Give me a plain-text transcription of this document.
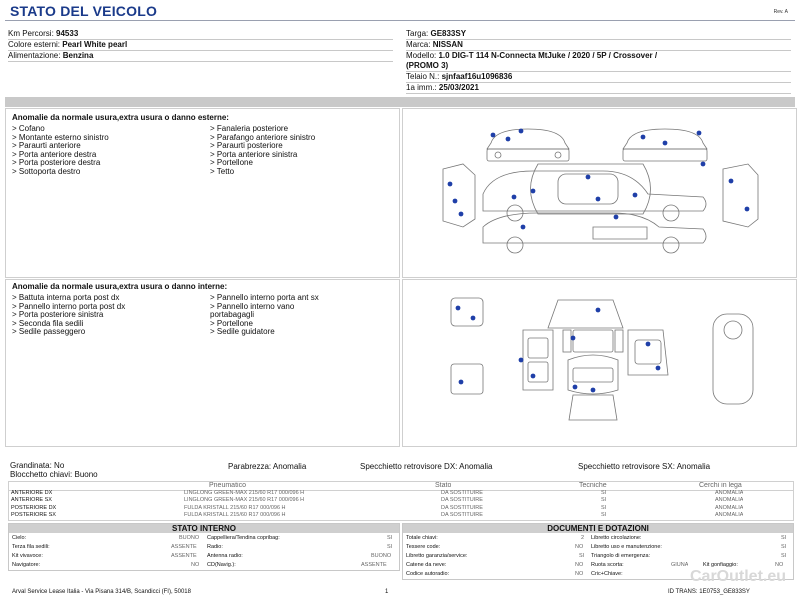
STATO DEL VEICOLO	Rev. A
Km Percorsi: 94533
Colore esterni: Pearl White pearl
Alimentazione: Benzina
Targa: GE833SY
Marca: NISSAN
Modello: 1.0 DIG-T 114 N-Connecta MtJuke / 2020 / 5P / Crossover /
(PROMO 3)
Telaio N.: sjnfaaf16u1096836
1a imm.: 25/03/2021
Anomalie da normale usura,extra usura o danno esterne:
> Cofano
> Montante esterno sinistro
> Paraurti anteriore
> Porta anteriore destra
> Porta posteriore destra
> Sottoporta destro
> Fanaleria posteriore
> Parafango anteriore sinistro
> Paraurti posteriore
> Porta anteriore sinistra
> Portellone
> Tetto
Anomalie da normale usura,extra usura o danno interne:
> Battuta interna porta post dx
> Pannello interno porta post dx
> Porta posteriore sinistra
> Seconda fila sedili
> Sedile passeggero
> Pannello interno porta ant sx
> Pannello interno vano
portabagagli
> Portellone
> Sedile guidatore
Grandinata: No
Blocchetto chiavi: Buono
Parabrezza: Anomalia	Specchietto retrovisore DX: Anomalia	Specchietto retrovisore SX: Anomalia
Pneumatico	Stato	Tecniche	Cerchi in lega
ANTERIORE DX	LINGLONG GREEN-MAX 215/60 R17 000/096 H	DA SOSTITUIRE	SI	ANOMALIA
ANTERIORE SX	LINGLONG GREEN-MAX 215/60 R17 000/096 H	DA SOSTITUIRE	SI	ANOMALIA
POSTERIORE DX	FULDA KRISTALL 215/60 R17 000/096 H	DA SOSTITUIRE	SI	ANOMALIA
POSTERIORE SX	FULDA KRISTALL 215/60 R17 000/096 H	DA SOSTITUIRE	SI	ANOMALIA
STATO INTERNO
Cielo:	BUONO Cappelliera/Tendina copribag:	SI
Terza fila sedili:	ASSENTE Radio:	SI
Kit vivavoce:	ASSENTE Antenna radio:	BUONO
Navigatore:	NO CD(Navig.):	ASSENTE
DOCUMENTI E DOTAZIONI
Totale chiavi:	2 Libretto circolazione:	SI
Tessere code:	NO Libretto uso e manutenzione:	SI
Libretto garanzia/service:	SI Triangolo di emergenza:	SI
Catene da neve:	NO Ruota scorta:	GIUNA	Kit gonfiaggio:	NO
Codice autoradio:	NO Cric+Chiave:
Arval Service Lease Italia - Via Pisana 314/B, Scandicci (FI), 50018	1	ID TRANS: 1E0753_GE833SY
CarOutlet.eu
